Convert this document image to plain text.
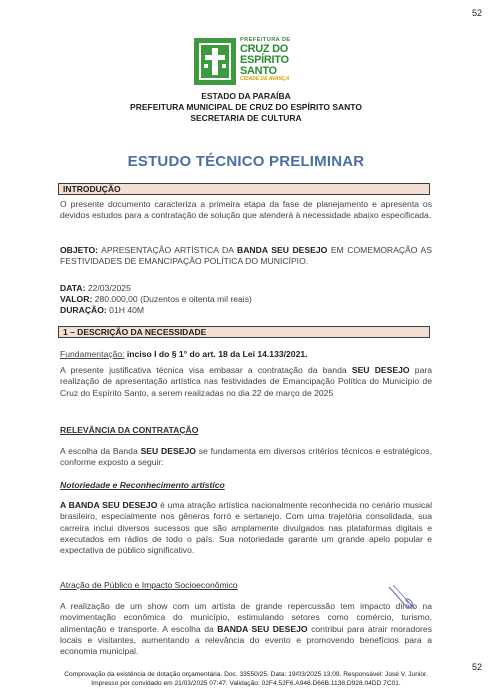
52
PREFEITURA DE
CRUZ DO
ESPÍRITO
SANTO
CIDADE DE AVANÇA
ESTADO DA PARAÍBA
PREFEITURA MUNICIPAL DE CRUZ DO ESPÍRITO SANTO
SECRETARIA DE CULTURA
ESTUDO TÉCNICO PRELIMINAR
INTRODUÇÃO
O presente documento caracteriza a primeira etapa da fase de planejamento e apresenta os devidos estudos para a contratação de solução que atenderá à necessidade abaixo especificada.
OBJETO: APRESENTAÇÃO ARTÍSTICA DA BANDA SEU DESEJO EM COMEMORAÇÃO AS FESTIVIDADES DE EMANCIPAÇÃO POLÍTICA DO MUNICÍPIO.
DATA: 22/03/2025
VALOR: 280.000,00 (Duzentos e oitenta mil reais)
DURAÇÃO: 01H 40M
1 – DESCRIÇÃO DA NECESSIDADE
Fundamentação: inciso I do § 1° do art. 18 da Lei 14.133/2021.
A presente justificativa técnica visa embasar a contratação da banda SEU DESEJO para realização de apresentação artística nas festividades de Emancipação Política do Município de Cruz do Espírito Santo, a serem realizadas no dia 22 de março de 2025
RELEVÂNCIA DA CONTRATAÇÃO
A escolha da Banda SEU DESEJO se fundamenta em diversos critérios técnicos e estratégicos, conforme exposto a seguir:
Notoriedade e Reconhecimento artístico
A BANDA SEU DESEJO é uma atração artística nacionalmente reconhecida no cenário musical brasileiro, especialmente nos gêneros forró e sertanejo. Com uma trajetória consolidada, sua carreira inclui diversos sucessos que são amplamente divulgados nas plataformas digitais e executados em rádios de todo o país. Sua notoriedade garante um grande apelo popular e expectativa de público significativo.
Atração de Público e Impacto Socioeconômico
A realização de um show com um artista de grande repercussão tem impacto direto na movimentação econômica do município, estimulando setores como comércio, turismo, alimentação e transporte. A escolha da BANDA SEU DESEJO contribui para atrair moradores locais e visitantes, aumentando a relevância do evento e promovendo benefícios para a economia municipal.
52
Comprovação da existência de dotação orçamentária. Doc. 33550/25. Data: 19/03/2025 13:09. Responsável: José V. Junior.
Impresso por convidado em 21/03/2025 07:47. Validação: 02F4.52F6.A946.D66B.1138.D928.04DD.7C01.
